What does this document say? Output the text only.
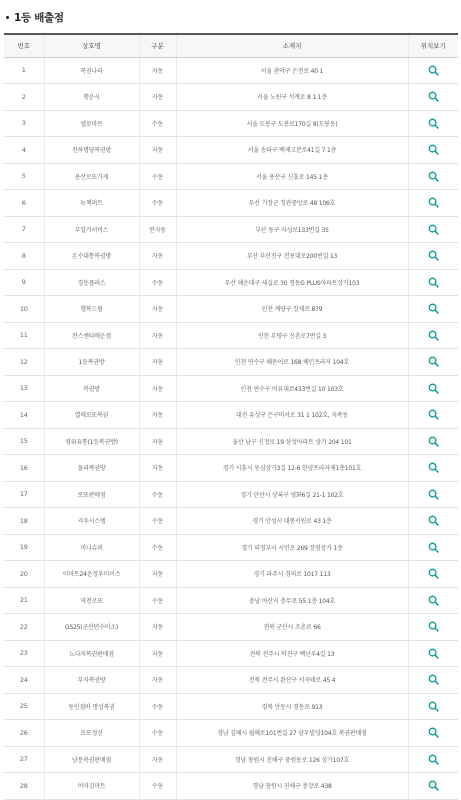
1등 배출점
번호	상호명	구분	소재지	위치보기
1	복권나라	자동	서울 관악구 은천로 40 1	
2	행운시	자동	서울 노원구 석계로 8 1 1층	
3	앨로마트	수동	서울 도봉구 도봉로170길 8(도봉동)	
4	천하명당복권방	자동	서울 송파구 백제고분로41길 7 1층	
5	용산로또가게	수동	서울 용산구 신흥로 145 1층	
6	뉴책퍼트	수동	부산 기장군 정관중앙로 48 106호	
7	부일카서비스	반자동	부산 동구 자성로133번길 35	
8	온수대통복권방	자동	부산 부산진구 전포대로200번길 13	
9	경동플러스	수동	부산 해운대구 세실로 30 경동G PLUS아파트상가103	
10	행복드림	자동	인천 계양구 장제로 879	
11	찬스센타매운점	자동	인천 부평구 신촌로7번길 3	
12	1등복권방	자동	인천 연수구 해돋이로 168 해인프라자 104호	
13	복권방	자동	인천 연수구 비류대로433번길 10 103호	
14	열매로또복권	자동	대전 유성구 은구비서로 31 1 102호, 지족동	
15	영위유통(1등복권방)	자동	울산 남구 신정로 19 삼성아파트 상가 204 101	
16	돌리복권방	자동	경기 시흥시 동심상가3길 12-6 한양프라자제1층101호	
17	로또판매점	수동	경기 안산시 상록구 영화6길 21-1 102호	
18	지우시스템	수동	경기 안성시 대봉서원로 43 1층	
19	미니슈퍼	수동	경기 의정부시 시민로 269 장령상가 1층	
20	이마트24운정우미이스	자동	경기 파주시 경의로 1017 113	
21	역전로또	수동	충남 아산시 충무로 55 1층 104호	
22	GS25(군산연수미소)	자동	전북 군산시 조촌로 66	
23	노다지복권판매점	자동	전북 전주시 덕진구 백난우4길 13	
24	부자복권방	자동	전북 전주시 완산구 서곡테로 45 4	
25	동인점바 명성복권	수동	경북 안동시 경동로 913	
26	로또정신	수동	경남 김해시 월해로101번길 27 삼우빌딩104호 복권판매점	
27	남문복권판매점	자동	경남 창원시 진해구 중원동로 126 상가107호	
28	이마김마트	수동	경남 창원시 진해구 충장로 438	
